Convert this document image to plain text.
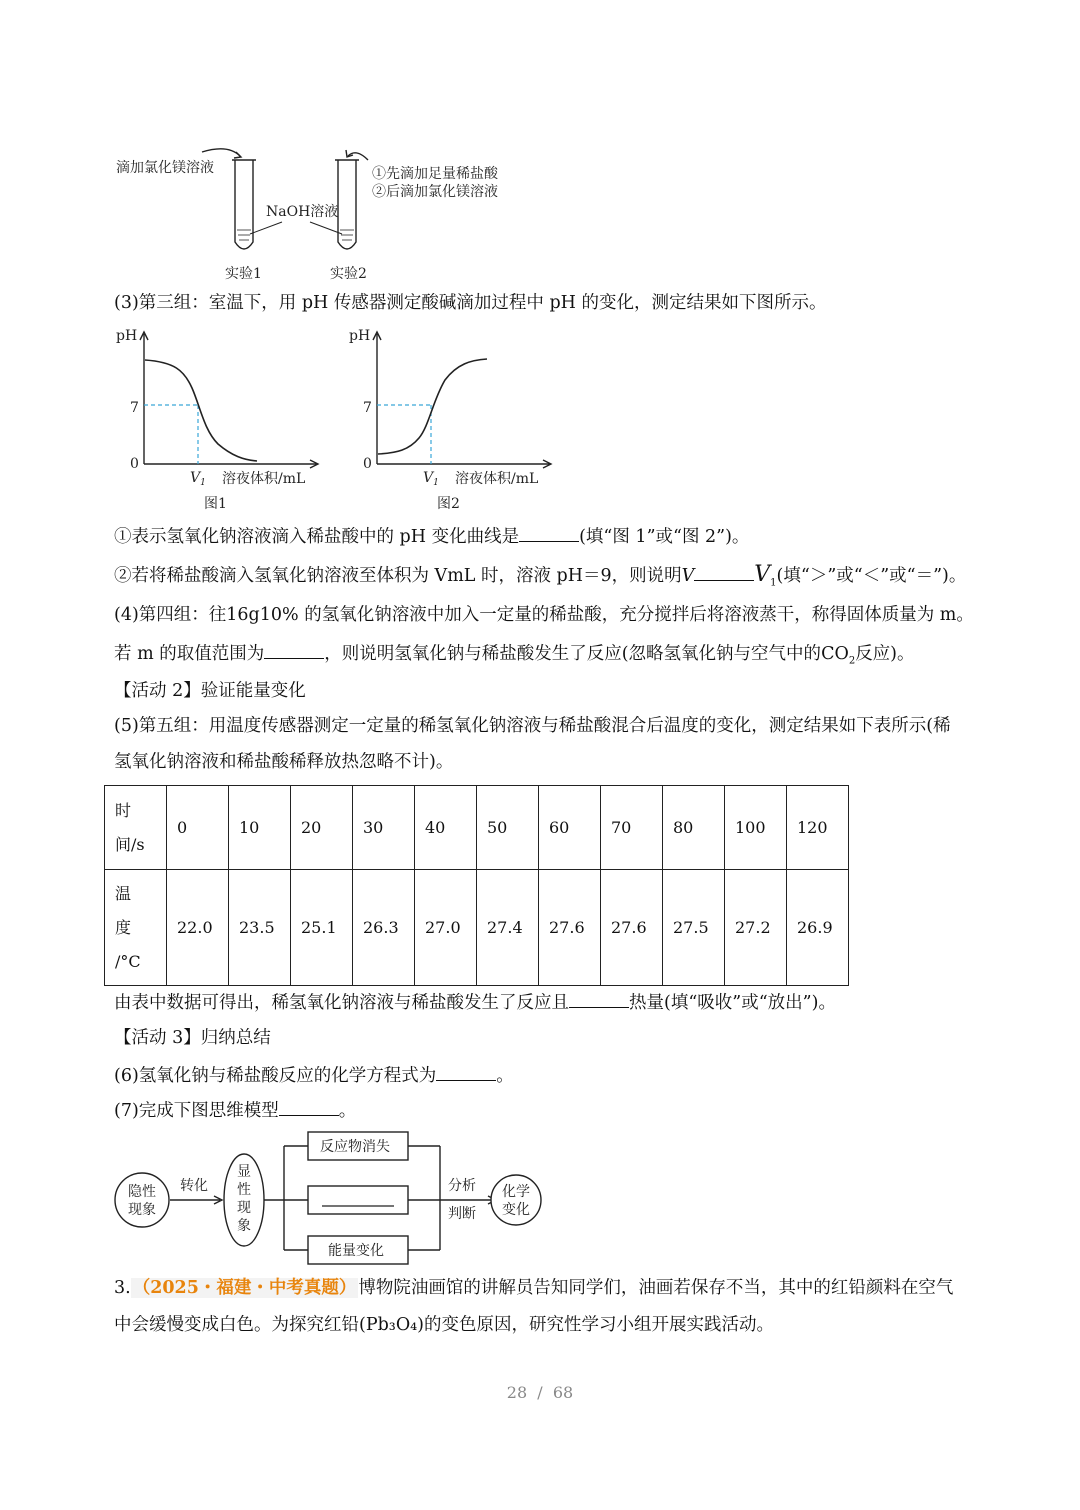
滴加氯化镁溶液	①先滴加足量稀盐酸
②后滴加氯化镁溶液
NaOH溶液
实验1	实验2
(3)第三组：室温下，用 pH 传感器测定酸碱滴加过程中 pH 的变化，测定结果如下图所示。
pH
7
0
$V_1$ 溶夜体积/mL
图1
pH
7
0
$V_1$ 溶夜体积/mL
图2
①表示氢氧化钠溶液滴入稀盐酸中的 pH 变化曲线是	(填“图 1”或“图 2”)。
②若将稀盐酸滴入氢氧化钠溶液至体积为 VmL 时，溶液 pH＝9，则说明V	$V_1$(填“＞”或“＜”或“＝”)。
(4)第四组：往16g10% 的氢氧化钠溶液中加入一定量的稀盐酸，充分搅拌后将溶液蒸干，称得固体质量为 m。
若 m 的取值范围为	，则说明氢氧化钠与稀盐酸发生了反应(忽略氢氧化钠与空气中的$CO_2$反应)。
【活动 2】验证能量变化
(5)第五组：用温度传感器测定一定量的稀氢氧化钠溶液与稀盐酸混合后温度的变化，测定结果如下表所示(稀
氢氧化钠溶液和稀盐酸稀释放热忽略不计)。
时
间/s	0	10	20	30	40	50	60	70	80	100	120
温
度
/°C	22.0	23.5	25.1	26.3	27.0	27.4	27.6	27.6	27.5	27.2	26.9
由表中数据可得出，稀氢氧化钠溶液与稀盐酸发生了反应且	热量(填“吸收”或“放出”)。
【活动 3】归纳总结
(6)氢氧化钠与稀盐酸反应的化学方程式为	。
(7)完成下图思维模型	。
隐性
现象
转化
显
性
现
象
反应物消失
能量变化
分析
判断
化学
变化
3. （2025・福建・中考真题） 博物院油画馆的讲解员告知同学们，油画若保存不当，其中的红铅颜料在空气
中会缓慢变成白色。为探究红铅(Pb₃O₄)的变色原因，研究性学习小组开展实践活动。
28 / 68
